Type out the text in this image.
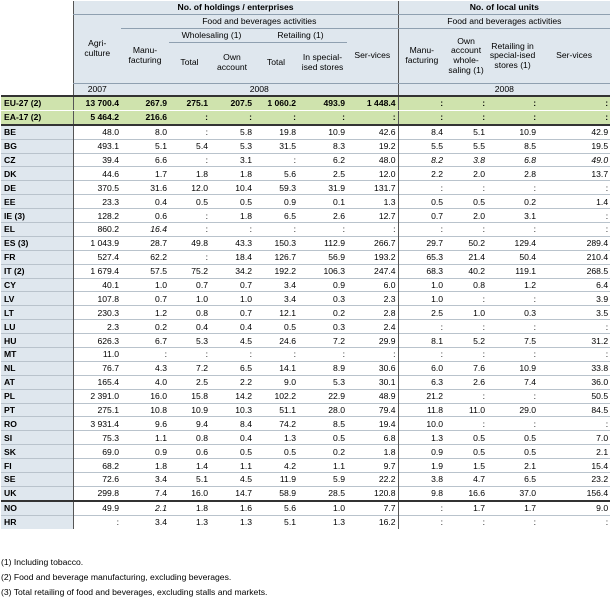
	No. of holdings / enterprises							No. of local units			
	Agri-culture	Food and beverages activities						Food and beverages activities			
		Manu-facturing	Wholesaling (1)		Retailing (1)		Ser-vices	Manu-facturing	Own account whole-saling (1)	Retailing in special-ised stores (1)	Ser-vices
			Total	Own account	Total	In special-ised stores					
	2007	2008						2008			
EU-27 (2)	13 700.4	267.9	275.1	207.5	1 060.2	493.9	1 448.4	:	:	:	:
EA-17 (2)	5 464.2	216.6	:	:	:	:	:	:	:	:	:
BE	48.0	8.0	:	5.8	19.8	10.9	42.6	8.4	5.1	10.9	42.9
BG	493.1	5.1	5.4	5.3	31.5	8.3	19.2	5.5	5.5	8.5	19.5
CZ	39.4	6.6	:	3.1	:	6.2	48.0	8.2	3.8	6.8	49.0
DK	44.6	1.7	1.8	1.8	5.6	2.5	12.0	2.2	2.0	2.8	13.7
DE	370.5	31.6	12.0	10.4	59.3	31.9	131.7	:	:	:	:
EE	23.3	0.4	0.5	0.5	0.9	0.1	1.3	0.5	0.5	0.2	1.4
IE (3)	128.2	0.6	:	1.8	6.5	2.6	12.7	0.7	2.0	3.1	:
EL	860.2	16.4	:	:	:	:	:	:	:	:	:
ES (3)	1 043.9	28.7	49.8	43.3	150.3	112.9	266.7	29.7	50.2	129.4	289.4
FR	527.4	62.2	:	18.4	126.7	56.9	193.2	65.3	21.4	50.4	210.4
IT (2)	1 679.4	57.5	75.2	34.2	192.2	106.3	247.4	68.3	40.2	119.1	268.5
CY	40.1	1.0	0.7	0.7	3.4	0.9	6.0	1.0	0.8	1.2	6.4
LV	107.8	0.7	1.0	1.0	3.4	0.3	2.3	1.0	:	:	3.9
LT	230.3	1.2	0.8	0.7	12.1	0.2	2.8	2.5	1.0	0.3	3.5
LU	2.3	0.2	0.4	0.4	0.5	0.3	2.4	:	:	:	:
HU	626.3	6.7	5.3	4.5	24.6	7.2	29.9	8.1	5.2	7.5	31.2
MT	11.0	:	:	:	:	:	:	:	:	:	:
NL	76.7	4.3	7.2	6.5	14.1	8.9	30.6	6.0	7.6	10.9	33.8
AT	165.4	4.0	2.5	2.2	9.0	5.3	30.1	6.3	2.6	7.4	36.0
PL	2 391.0	16.0	15.8	14.2	102.2	22.9	48.9	21.2	:	:	50.5
PT	275.1	10.8	10.9	10.3	51.1	28.0	79.4	11.8	11.0	29.0	84.5
RO	3 931.4	9.6	9.4	8.4	74.2	8.5	19.4	10.0	:	:	:
SI	75.3	1.1	0.8	0.4	1.3	0.5	6.8	1.3	0.5	0.5	7.0
SK	69.0	0.9	0.6	0.5	0.5	0.2	1.8	0.9	0.5	0.5	2.1
FI	68.2	1.8	1.4	1.1	4.2	1.1	9.7	1.9	1.5	2.1	15.4
SE	72.6	3.4	5.1	4.5	11.9	5.9	22.2	3.8	4.7	6.5	23.2
UK	299.8	7.4	16.0	14.7	58.9	28.5	120.8	9.8	16.6	37.0	156.4
NO	49.9	2.1	1.8	1.6	5.6	1.0	7.7	:	1.7	1.7	9.0
HR	:	3.4	1.3	1.3	5.1	1.3	16.2	:	:	:	:
(1) Including tobacco.
(2) Food and beverage manufacturing, excluding beverages.
(3) Total retailing of food and beverages, excluding stalls and markets.
